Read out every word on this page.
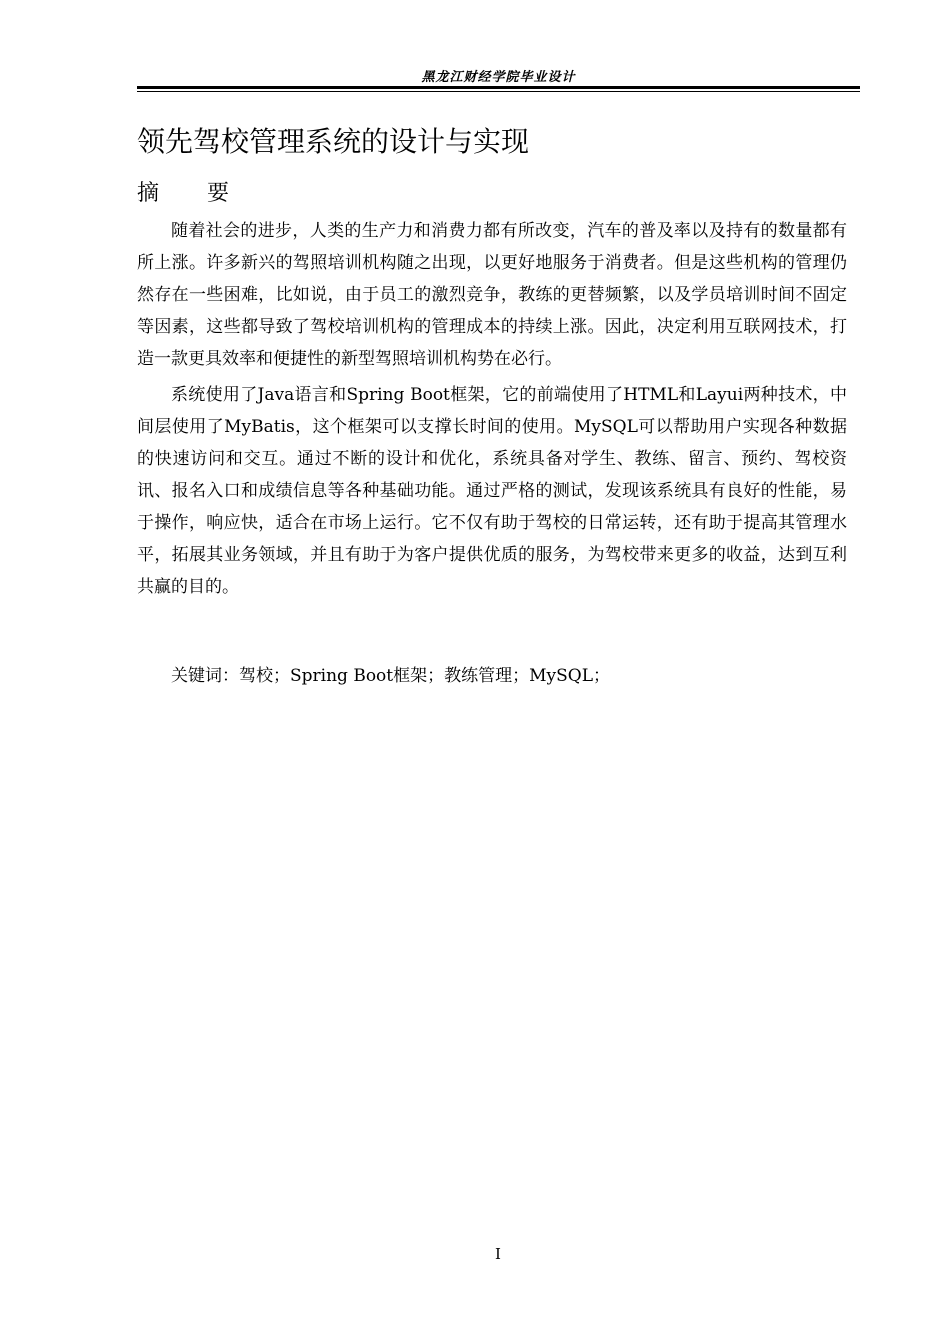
黑龙江财经学院毕业设计
领先驾校管理系统的设计与实现
摘 要

随着社会的进步，人类的生产力和消费力都有所改变，汽车的普及率以及持有的数量都有所上涨。许多新兴的驾照培训机构随之出现，以更好地服务于消费者。但是这些机构的管理仍然存在一些困难，比如说，由于员工的激烈竞争，教练的更替频繁，以及学员培训时间不固定等因素，这些都导致了驾校培训机构的管理成本的持续上涨。因此，决定利用互联网技术，打造一款更具效率和便捷性的新型驾照培训机构势在必行。

系统使用了Java语言和Spring Boot框架，它的前端使用了HTML和Layui两种技术，中间层使用了MyBatis，这个框架可以支撑长时间的使用。MySQL可以帮助用户实现各种数据的快速访问和交互。通过不断的设计和优化，系统具备对学生、教练、留言、预约、驾校资讯、报名入口和成绩信息等各种基础功能。通过严格的测试，发现该系统具有良好的性能，易于操作，响应快，适合在市场上运行。它不仅有助于驾校的日常运转，还有助于提高其管理水平，拓展其业务领域，并且有助于为客户提供优质的服务，为驾校带来更多的收益，达到互利共赢的目的。

关键词：驾校；Spring Boot框架；教练管理；MySQL；
I
